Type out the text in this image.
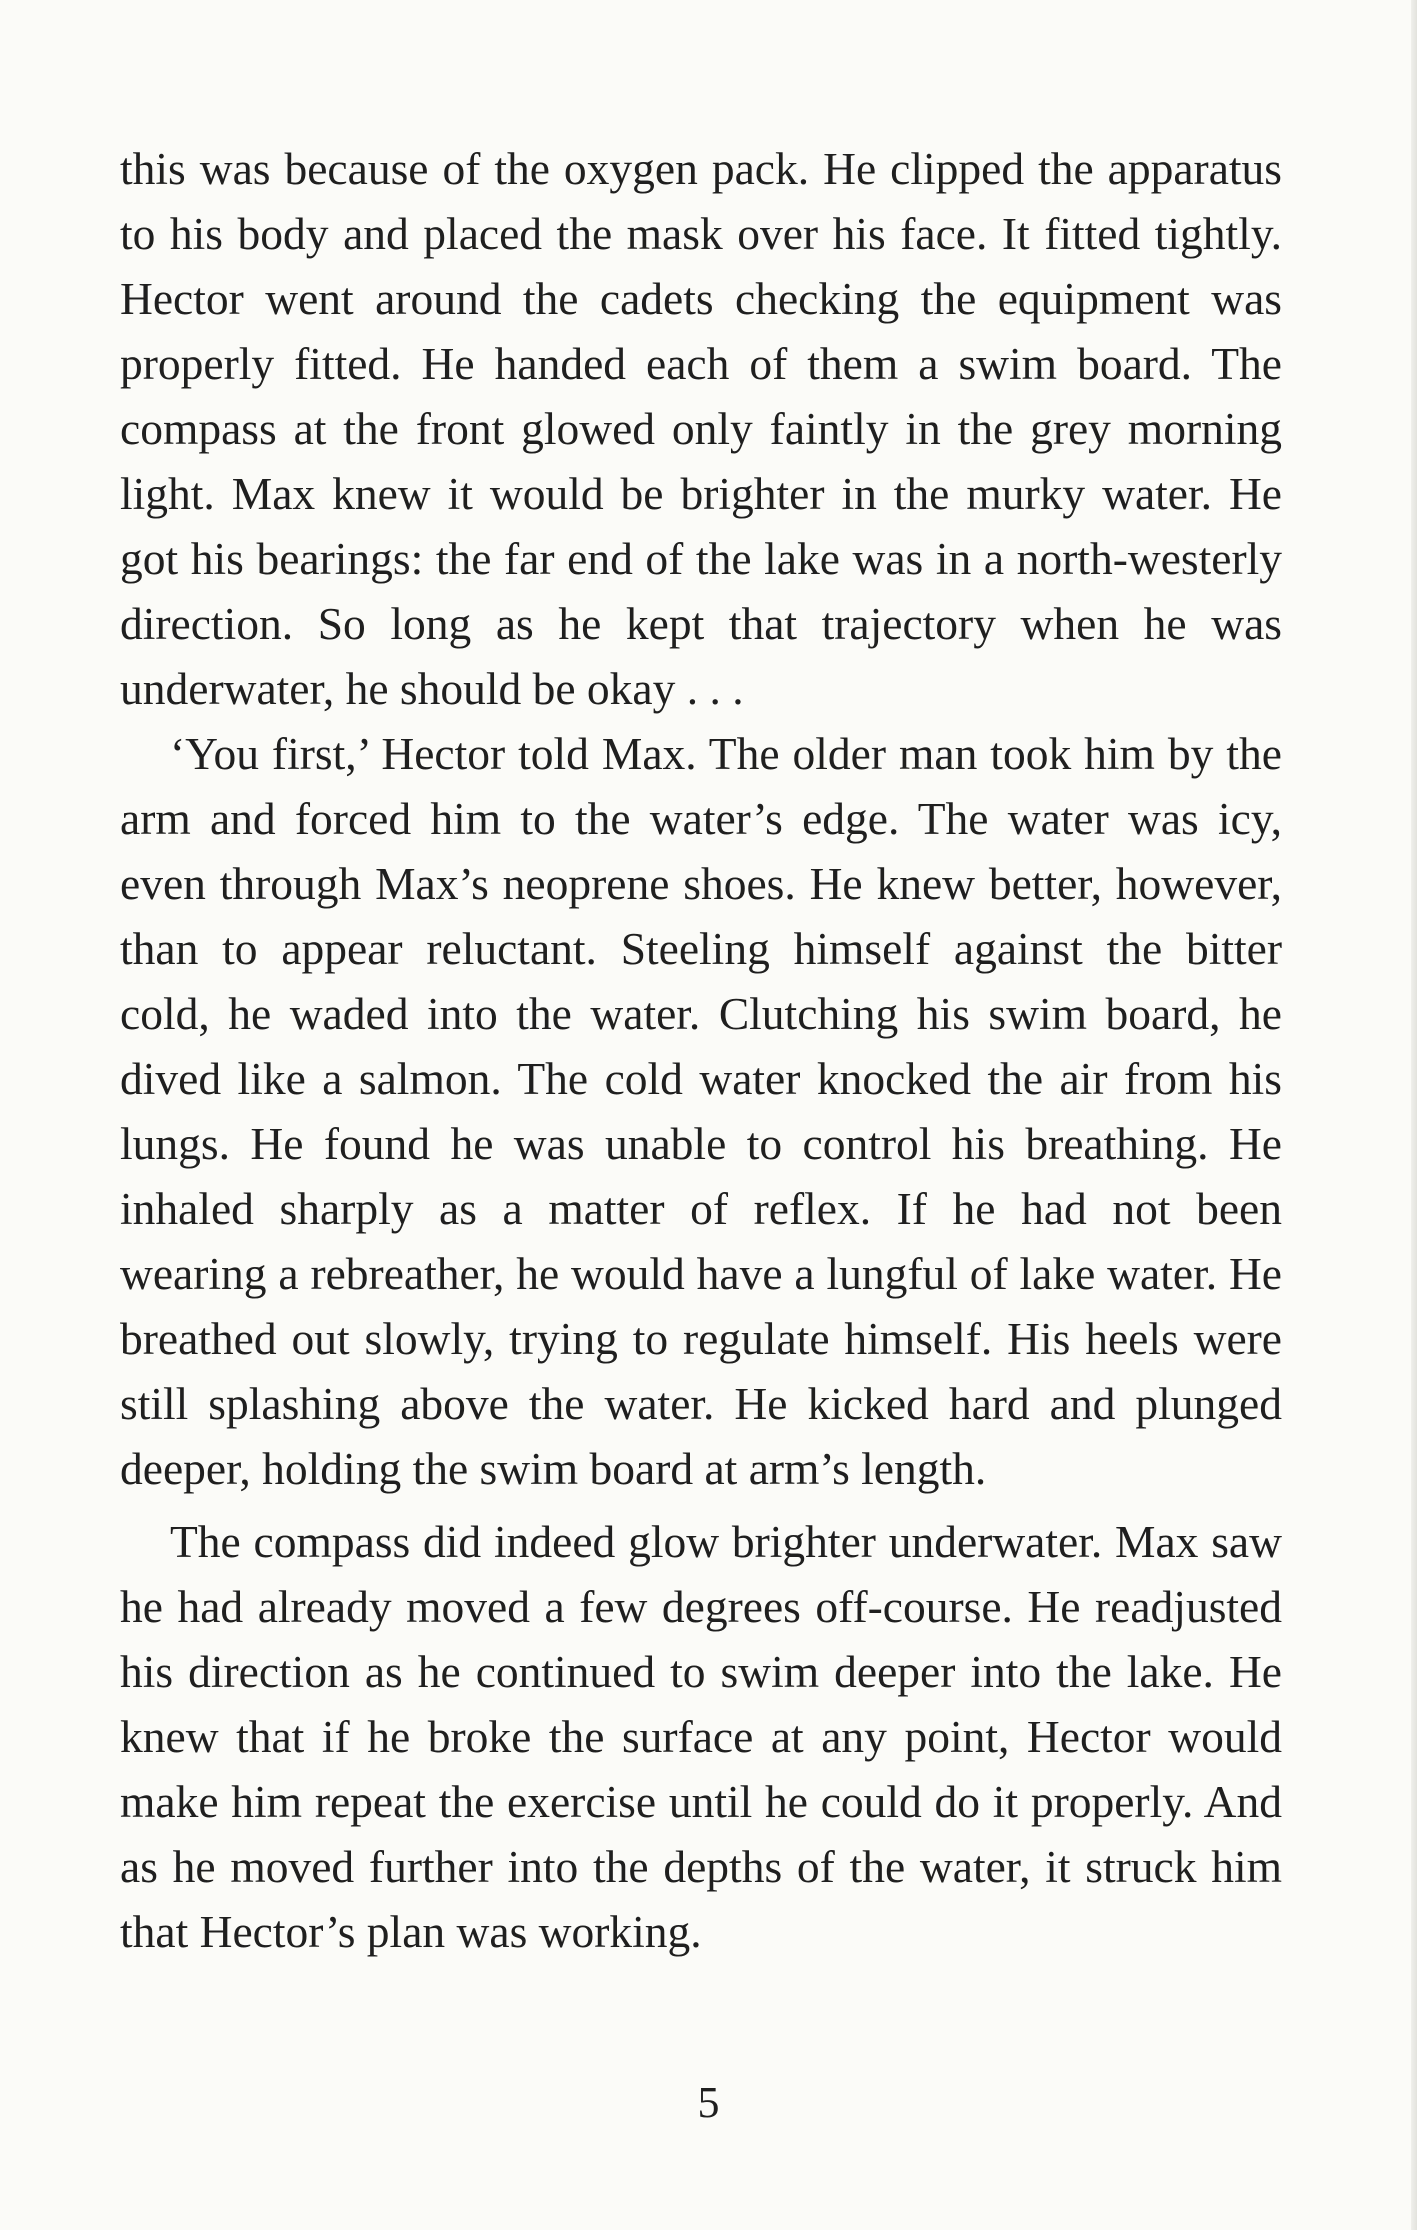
this was because of the oxygen pack. He clipped the apparatus to his body and placed the mask over his face. It fitted tightly. Hector went around the cadets checking the equipment was properly fitted. He handed each of them a swim board. The compass at the front glowed only faintly in the grey morning light. Max knew it would be brighter in the murky water. He got his bearings: the far end of the lake was in a north-westerly direction. So long as he kept that trajectory when he was underwater, he should be okay . . .

‘You first,’ Hector told Max. The older man took him by the arm and forced him to the water’s edge. The water was icy, even through Max’s neoprene shoes. He knew better, however, than to appear reluctant. Steeling himself against the bitter cold, he waded into the water. Clutching his swim board, he dived like a salmon. The cold water knocked the air from his lungs. He found he was unable to control his breathing. He inhaled sharply as a matter of reflex. If he had not been wearing a rebreather, he would have a lungful of lake water. He breathed out slowly, trying to regulate himself. His heels were still splashing above the water. He kicked hard and plunged deeper, holding the swim board at arm’s length.

The compass did indeed glow brighter underwater. Max saw he had already moved a few degrees off-course. He readjusted his direction as he continued to swim deeper into the lake. He knew that if he broke the surface at any point, Hector would make him repeat the exercise until he could do it properly. And as he moved further into the depths of the water, it struck him that Hector’s plan was working.

5
